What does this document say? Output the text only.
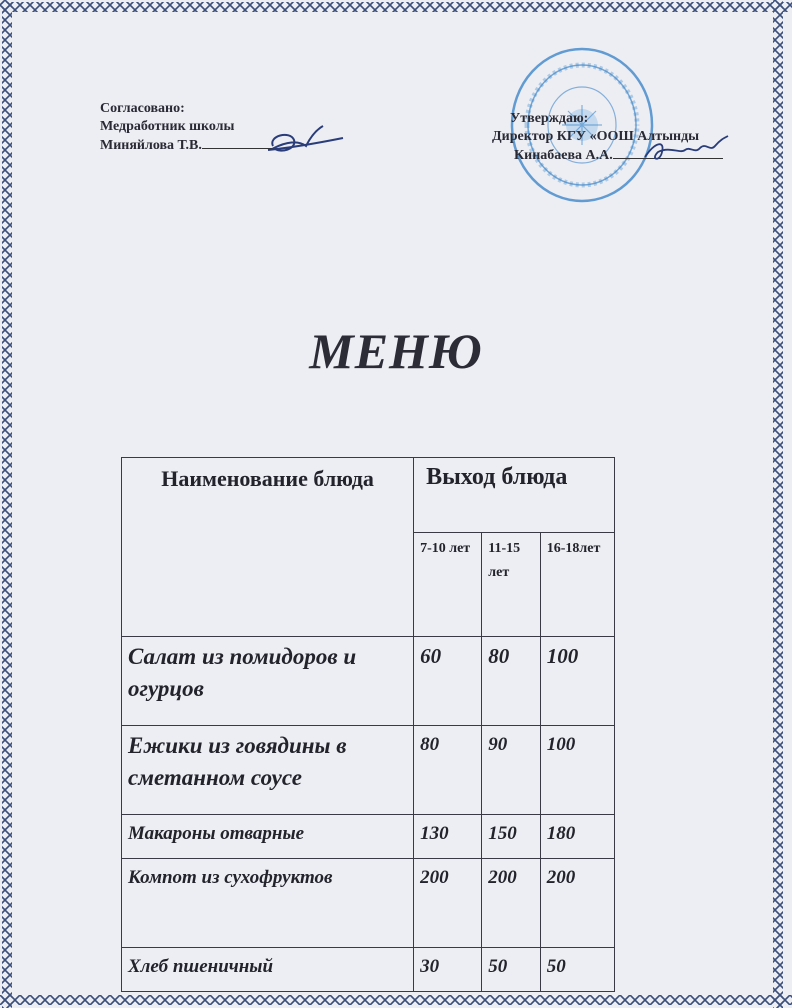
Согласовано:
Медработник школы
Миняйлова Т.В.
Утверждаю:
Директор КГУ «ООШ Алтынды
Кинабаева А.А.
МЕНЮ
Наименование блюда	Выход блюда		
	7-10 лет	11-15 лет	16-18лет
Салат из помидоров и огурцов	60	80	100
Ежики из говядины в сметанном соусе	80	90	100
Макароны отварные	130	150	180
Компот из сухофруктов	200	200	200
Хлеб пшеничный	30	50	50
